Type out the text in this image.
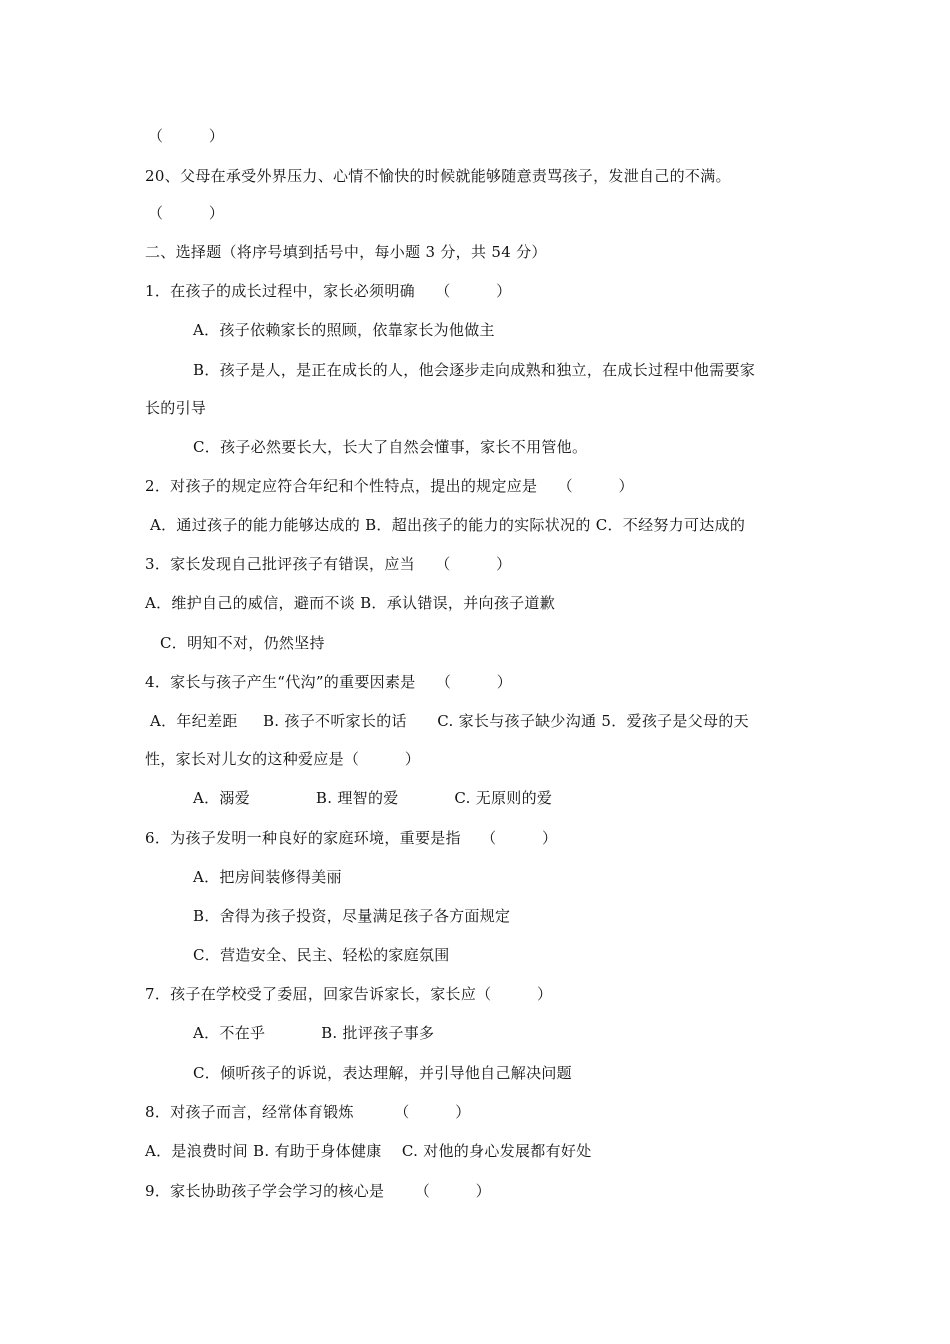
（         ）
20、父母在承受外界压力、心情不愉快的时候就能够随意责骂孩子，发泄自己的不满。
（         ）
二、选择题（将序号填到括号中，每小题 3 分，共 54 分）
1．在孩子的成长过程中，家长必须明确    （         ）
A．孩子依赖家长的照顾，依靠家长为他做主
B．孩子是人，是正在成长的人，他会逐步走向成熟和独立，在成长过程中他需要家
长的引导
C．孩子必然要长大，长大了自然会懂事，家长不用管他。
2．对孩子的规定应符合年纪和个性特点，提出的规定应是    （         ）
A．通过孩子的能力能够达成的 B．超出孩子的能力的实际状况的 C．不经努力可达成的
3．家长发现自己批评孩子有错误，应当    （         ）
A．维护自己的威信，避而不谈 B．承认错误，并向孩子道歉
C．明知不对，仍然坚持
4．家长与孩子产生“代沟”的重要因素是    （         ）
A．年纪差距     B. 孩子不听家长的话      C. 家长与孩子缺少沟通 5．爱孩子是父母的天
性，家长对儿女的这种爱应是（         ）
A．溺爱             B. 理智的爱           C. 无原则的爱
6．为孩子发明一种良好的家庭环境，重要是指    （         ）
A．把房间装修得美丽
B．舍得为孩子投资，尽量满足孩子各方面规定
C．营造安全、民主、轻松的家庭氛围
7．孩子在学校受了委屈，回家告诉家长，家长应（         ）
A．不在乎           B. 批评孩子事多
C．倾听孩子的诉说，表达理解，并引导他自己解决问题
8．对孩子而言，经常体育锻炼        （         ）
A．是浪费时间 B. 有助于身体健康    C. 对他的身心发展都有好处
9．家长协助孩子学会学习的核心是      （         ）
